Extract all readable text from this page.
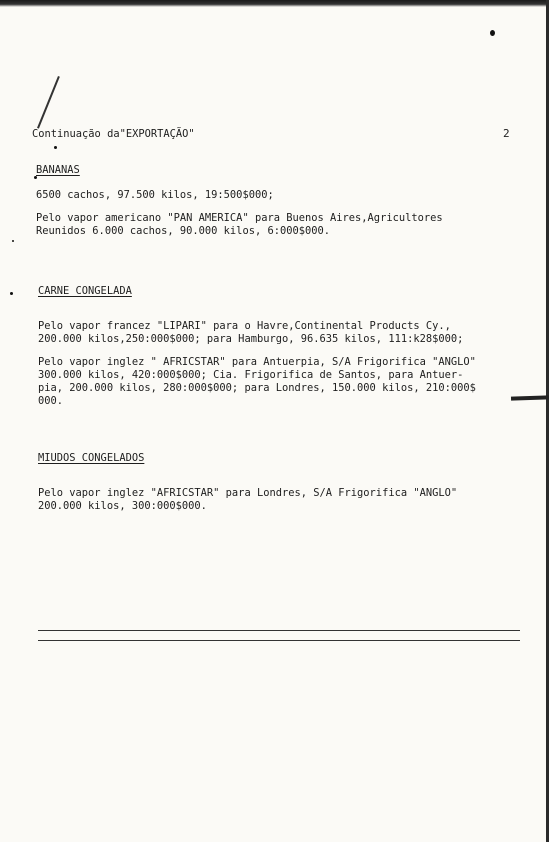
Continuação da"EXPORTAÇÃO"	2
BANANAS
6500 cachos, 97.500 kilos, 19:500$000;
Pelo vapor americano "PAN AMERICA" para Buenos Aires,Agricultores
Reunidos 6.000 cachos, 90.000 kilos, 6:000$000.
CARNE CONGELADA
Pelo vapor francez "LIPARI" para o Havre,Continental Products Cy.,
200.000 kilos,250:000$000; para Hamburgo, 96.635 kilos, 111:k28$000;
Pelo vapor inglez " AFRICSTAR" para Antuerpia, S/A Frigorifica "ANGLO"
300.000 kilos, 420:000$000; Cia. Frigorifica de Santos, para Antuer-
pia, 200.000 kilos, 280:000$000; para Londres, 150.000 kilos, 210:000$
000.
MIUDOS CONGELADOS
Pelo vapor inglez "AFRICSTAR" para Londres, S/A Frigorifica "ANGLO"
200.000 kilos, 300:000$000.
